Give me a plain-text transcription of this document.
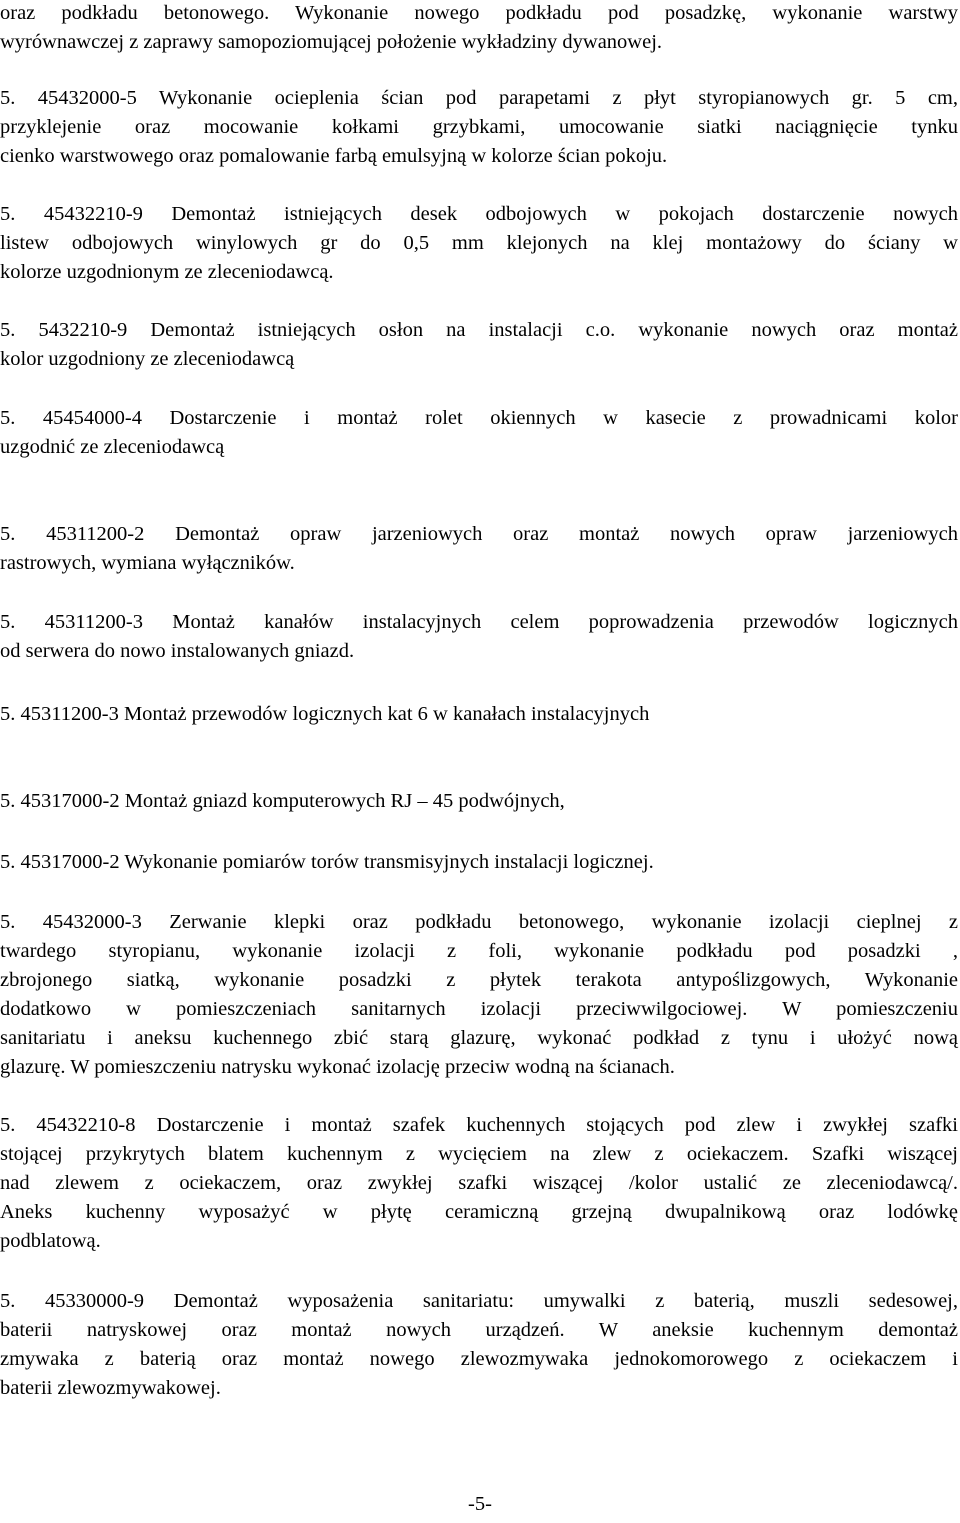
oraz podkładu betonowego. Wykonanie nowego podkładu pod posadzkę, wykonanie warstwy
wyrównawczej z zaprawy samopoziomującej położenie wykładziny dywanowej.

5. 45432000-5 Wykonanie ocieplenia ścian pod parapetami z płyt styropianowych gr. 5 cm,
przyklejenie oraz mocowanie kołkami grzybkami, umocowanie siatki naciągnięcie tynku
cienko warstwowego oraz pomalowanie farbą emulsyjną w kolorze ścian pokoju.

5. 45432210-9 Demontaż istniejących desek odbojowych w pokojach dostarczenie nowych
listew odbojowych winylowych gr do 0,5 mm klejonych na klej montażowy do ściany w
kolorze uzgodnionym ze zleceniodawcą.

5. 5432210-9 Demontaż istniejących osłon na instalacji c.o. wykonanie nowych oraz montaż
kolor uzgodniony ze zleceniodawcą

5. 45454000-4 Dostarczenie i montaż rolet okiennych w kasecie z prowadnicami kolor
uzgodnić ze zleceniodawcą

5. 45311200-2 Demontaż opraw jarzeniowych oraz montaż nowych opraw jarzeniowych
rastrowych, wymiana wyłączników.

5. 45311200-3 Montaż kanałów instalacyjnych celem poprowadzenia przewodów logicznych
od serwera do nowo instalowanych gniazd.

5. 45311200-3 Montaż przewodów logicznych kat 6 w kanałach instalacyjnych

5. 45317000-2 Montaż gniazd komputerowych RJ – 45 podwójnych,

5. 45317000-2 Wykonanie pomiarów torów transmisyjnych instalacji logicznej.

5. 45432000-3 Zerwanie klepki oraz podkładu betonowego, wykonanie izolacji cieplnej z
twardego styropianu, wykonanie izolacji z foli, wykonanie podkładu pod posadzki ,
zbrojonego siatką, wykonanie posadzki z płytek terakota antypoślizgowych, Wykonanie
dodatkowo w pomieszczeniach sanitarnych izolacji przeciwwilgociowej. W pomieszczeniu
sanitariatu i aneksu kuchennego zbić starą glazurę, wykonać podkład z tynu i ułożyć nową
glazurę. W pomieszczeniu natrysku wykonać izolację przeciw wodną na ścianach.

5. 45432210-8 Dostarczenie i montaż szafek kuchennych stojących pod zlew i zwykłej szafki
stojącej przykrytych blatem kuchennym z wycięciem na zlew z ociekaczem. Szafki wiszącej
nad zlewem z ociekaczem, oraz zwykłej szafki wiszącej /kolor ustalić ze zleceniodawcą/.
Aneks kuchenny wyposażyć w płytę ceramiczną grzejną dwupalnikową oraz lodówkę
podblatową.

5. 45330000-9 Demontaż wyposażenia sanitariatu: umywalki z baterią, muszli sedesowej,
baterii natryskowej oraz montaż nowych urządzeń. W aneksie kuchennym demontaż
zmywaka z baterią oraz montaż nowego zlewozmywaka jednokomorowego z ociekaczem i
baterii zlewozmywakowej.

-5-
